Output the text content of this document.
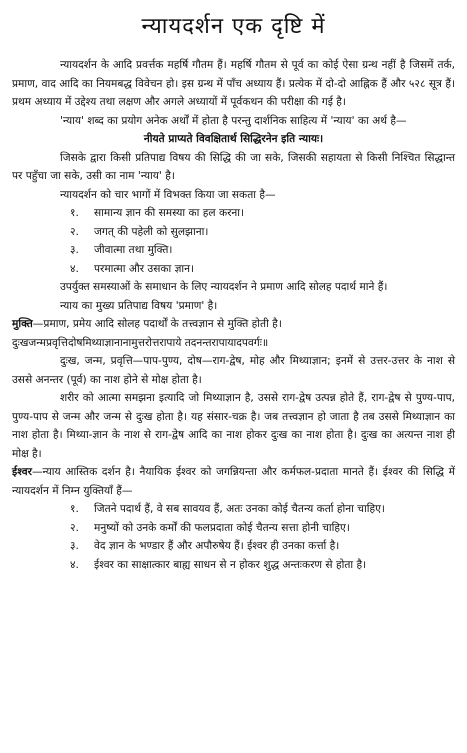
न्यायदर्शन एक दृष्टि में

न्यायदर्शन के आदि प्रवर्त्तक महर्षि गौतम हैं। महर्षि गौतम से पूर्व का कोई ऐसा ग्रन्थ नहीं है जिसमें तर्क, प्रमाण, वाद आदि का नियमबद्ध विवेचन हो। इस ग्रन्थ में पाँच अध्याय हैं। प्रत्येक में दो-दो आह्निक हैं और ५२८ सूत्र हैं। प्रथम अध्याय में उद्देश्य तथा लक्षण और अगले अध्यायों में पूर्वकथन की परीक्षा की गई है।

'न्याय' शब्द का प्रयोग अनेक अर्थों में होता है परन्तु दार्शनिक साहित्य में 'न्याय' का अर्थ है—

नीयते प्राप्यते विवक्षितार्थ सिद्धिरनेन इति न्यायः।

जिसके द्वारा किसी प्रतिपाद्य विषय की सिद्धि की जा सके, जिसकी सहायता से किसी निश्चित सिद्धान्त पर पहुँचा जा सके, उसी का नाम 'न्याय' है।

न्यायदर्शन को चार भागों में विभक्त किया जा सकता है—

१.	सामान्य ज्ञान की समस्या का हल करना।
२.	जगत् की पहेली को सुलझाना।
३.	जीवात्मा तथा मुक्ति।
४.	परमात्मा और उसका ज्ञान।

उपर्युक्त समस्याओं के समाधान के लिए न्यायदर्शन ने प्रमाण आदि सोलह पदार्थ माने हैं।

न्याय का मुख्य प्रतिपाद्य विषय 'प्रमाण' है।

मुक्ति—प्रमाण, प्रमेय आदि सोलह पदार्थों के तत्त्वज्ञान से मुक्ति होती है।

दुःखजन्मप्रवृत्तिदोषमिथ्याज्ञानानामुत्तरोत्तरापाये तदनन्तरापायादपवर्गः॥

दुःख, जन्म, प्रवृत्ति—पाप-पुण्य, दोष—राग-द्वेष, मोह और मिथ्याज्ञान; इनमें से उत्तर-उत्तर के नाश से उससे अनन्तर (पूर्व) का नाश होने से मोक्ष होता है।

शरीर को आत्मा समझना इत्यादि जो मिथ्याज्ञान है, उससे राग-द्वेष उत्पन्न होते हैं, राग-द्वेष से पुण्य-पाप, पुण्य-पाप से जन्म और जन्म से दुःख होता है। यह संसार-चक्र है। जब तत्त्वज्ञान हो जाता है तब उससे मिथ्याज्ञान का नाश होता है। मिथ्या-ज्ञान के नाश से राग-द्वेष आदि का नाश होकर दुःख का नाश होता है। दुःख का अत्यन्त नाश ही मोक्ष है।

ईश्वर—न्याय आस्तिक दर्शन है। नैयायिक ईश्वर को जगन्नियन्ता और कर्मफल-प्रदाता मानते हैं। ईश्वर की सिद्धि में न्यायदर्शन में निम्न युक्तियाँ हैं—

१.	जितने पदार्थ हैं, वे सब सावयव हैं, अतः उनका कोई चैतन्य कर्ता होना चाहिए।
२.	मनुष्यों को उनके कर्मों की फलप्रदाता कोई चैतन्य सत्ता होनी चाहिए।
३.	वेद ज्ञान के भण्डार हैं और अपौरुषेय हैं। ईश्वर ही उनका कर्त्ता है।
४.	ईश्वर का साक्षात्कार बाह्य साधन से न होकर शुद्ध अन्तःकरण से होता है।
